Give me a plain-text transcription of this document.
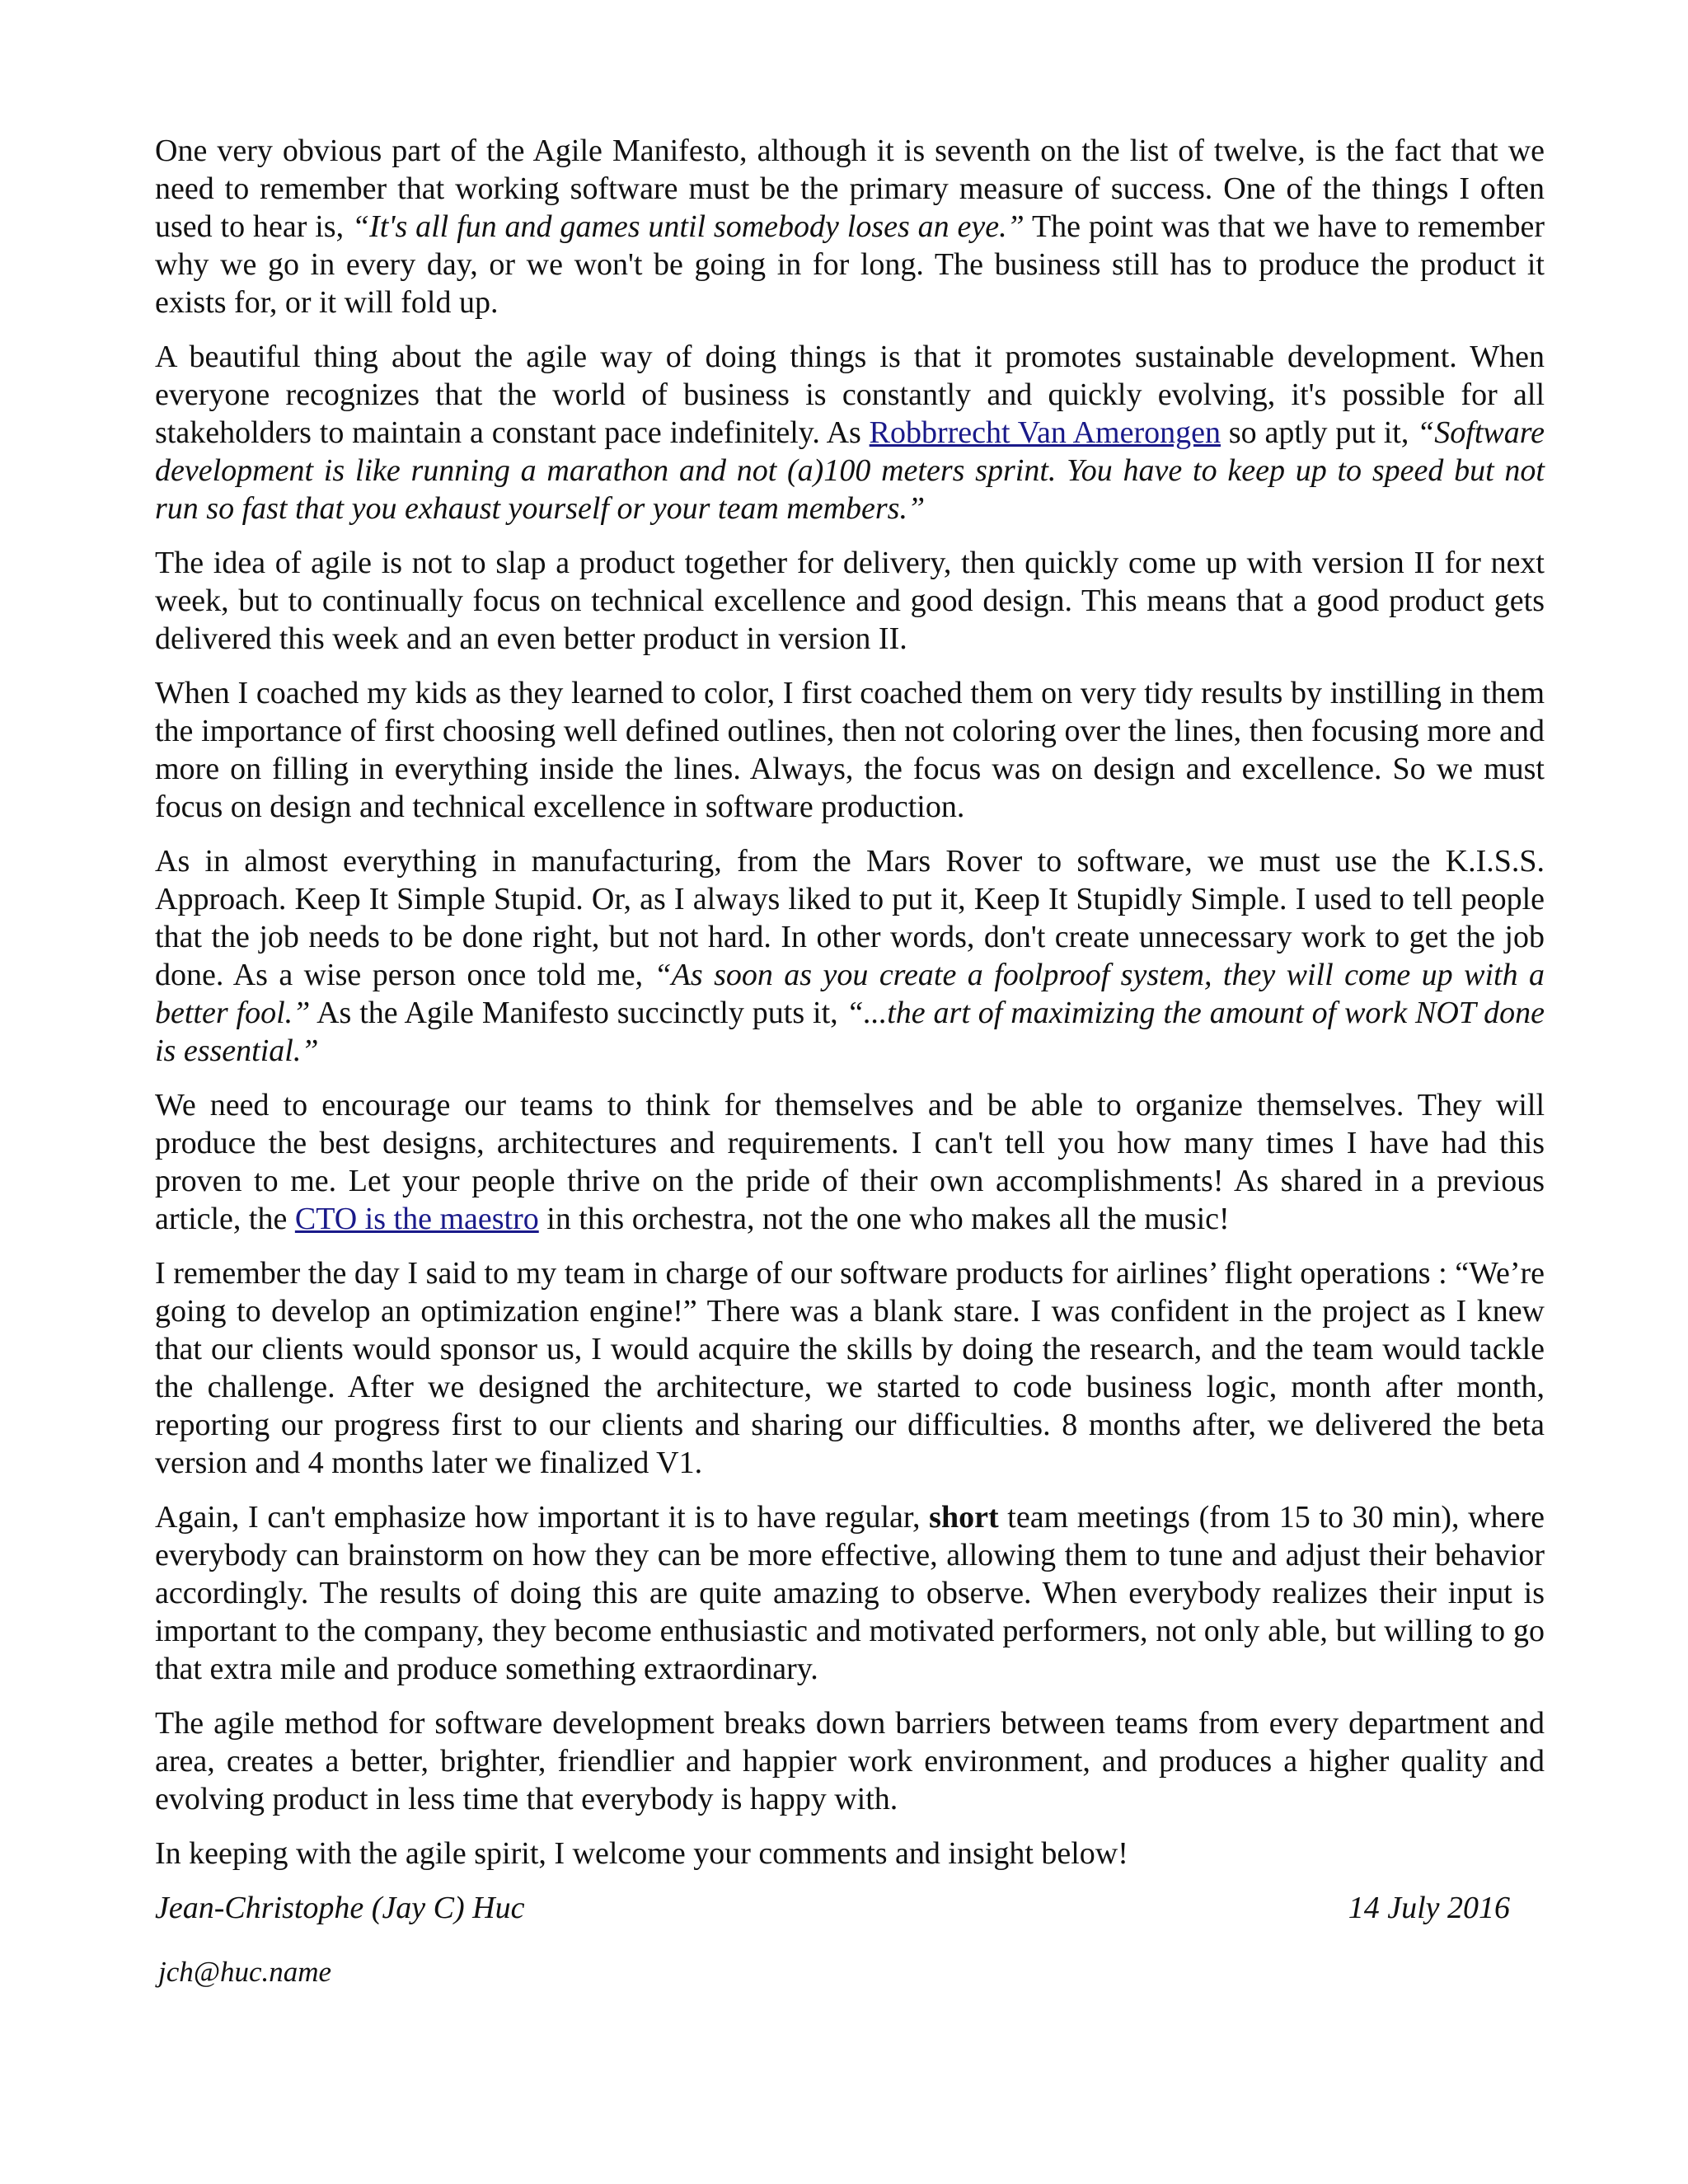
One very obvious part of the Agile Manifesto, although it is seventh on the list of twelve, is the fact that we need to remember that working software must be the primary measure of success. One of the things I often used to hear is, “It's all fun and games until somebody loses an eye.” The point was that we have to remember why we go in every day, or we won't be going in for long. The business still has to produce the product it exists for, or it will fold up.

A beautiful thing about the agile way of doing things is that it promotes sustainable development. When everyone recognizes that the world of business is constantly and quickly evolving, it's possible for all stakeholders to maintain a constant pace indefinitely. As Robbrrecht Van Amerongen so aptly put it, “Software development is like running a marathon and not (a)100 meters sprint. You have to keep up to speed but not run so fast that you exhaust yourself or your team members.”

The idea of agile is not to slap a product together for delivery, then quickly come up with version II for next week, but to continually focus on technical excellence and good design. This means that a good product gets delivered this week and an even better product in version II.

When I coached my kids as they learned to color, I first coached them on very tidy results by instilling in them the importance of first choosing well defined outlines, then not coloring over the lines, then focusing more and more on filling in everything inside the lines. Always, the focus was on design and excellence. So we must focus on design and technical excellence in software production.

As in almost everything in manufacturing, from the Mars Rover to software, we must use the K.I.S.S. Approach. Keep It Simple Stupid. Or, as I always liked to put it, Keep It Stupidly Simple. I used to tell people that the job needs to be done right, but not hard. In other words, don't create unnecessary work to get the job done. As a wise person once told me, “As soon as you create a foolproof system, they will come up with a better fool.” As the Agile Manifesto succinctly puts it, “...the art of maximizing the amount of work NOT done is essential.”

We need to encourage our teams to think for themselves and be able to organize themselves. They will produce the best designs, architectures and requirements. I can't tell you how many times I have had this proven to me. Let your people thrive on the pride of their own accomplishments! As shared in a previous article, the CTO is the maestro in this orchestra, not the one who makes all the music!

I remember the day I said to my team in charge of our software products for airlines’ flight operations : “We’re going to develop an optimization engine!” There was a blank stare. I was confident in the project as I knew that our clients would sponsor us, I would acquire the skills by doing the research, and the team would tackle the challenge. After we designed the architecture, we started to code business logic, month after month, reporting our progress first to our clients and sharing our difficulties. 8 months after, we delivered the beta version and 4 months later we finalized V1.

Again, I can't emphasize how important it is to have regular, short team meetings (from 15 to 30 min), where everybody can brainstorm on how they can be more effective, allowing them to tune and adjust their behavior accordingly. The results of doing this are quite amazing to observe. When everybody realizes their input is important to the company, they become enthusiastic and motivated performers, not only able, but willing to go that extra mile and produce something extraordinary.

The agile method for software development breaks down barriers between teams from every department and area, creates a better, brighter, friendlier and happier work environment, and produces a higher quality and evolving product in less time that everybody is happy with.

In keeping with the agile spirit, I welcome your comments and insight below!

Jean-Christophe (Jay C) Huc	14 July 2016
jch@huc.name
